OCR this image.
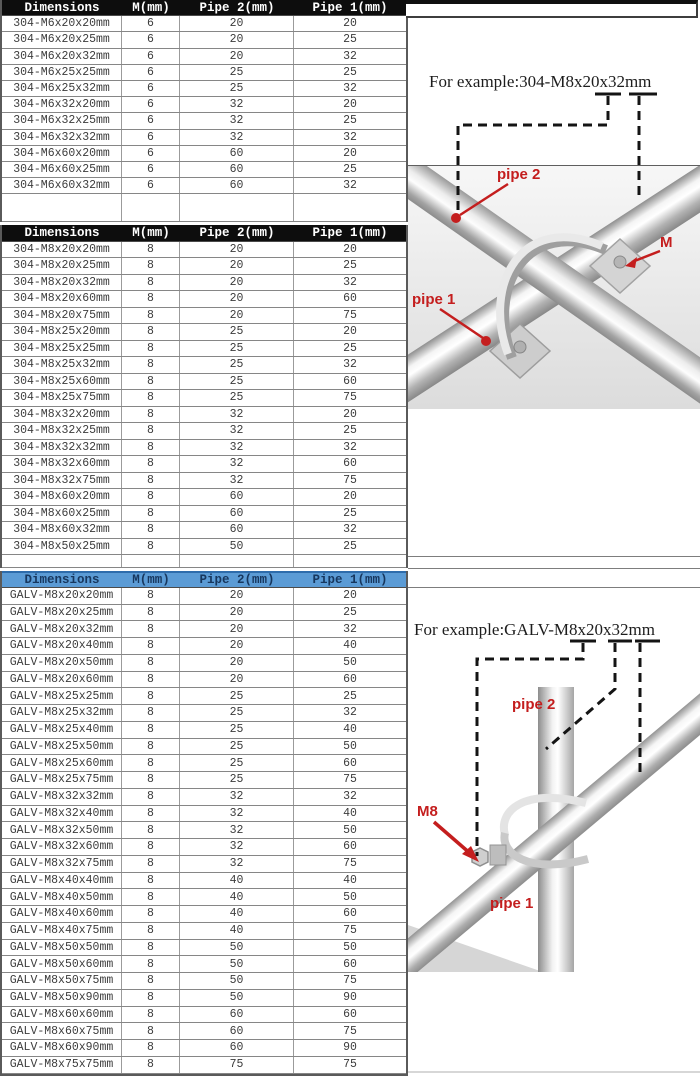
Dimensions	M(mm)	Pipe 2(mm)	Pipe 1(mm)
304-M6x20x20mm	6	20	20
304-M6x20x25mm	6	20	25
304-M6x20x32mm	6	20	32
304-M6x25x25mm	6	25	25
304-M6x25x32mm	6	25	32
304-M6x32x20mm	6	32	20
304-M6x32x25mm	6	32	25
304-M6x32x32mm	6	32	32
304-M6x60x20mm	6	60	20
304-M6x60x25mm	6	60	25
304-M6x60x32mm	6	60	32
Dimensions	M(mm)	Pipe 2(mm)	Pipe 1(mm)
304-M8x20x20mm	8	20	20
304-M8x20x25mm	8	20	25
304-M8x20x32mm	8	20	32
304-M8x20x60mm	8	20	60
304-M8x20x75mm	8	20	75
304-M8x25x20mm	8	25	20
304-M8x25x25mm	8	25	25
304-M8x25x32mm	8	25	32
304-M8x25x60mm	8	25	60
304-M8x25x75mm	8	25	75
304-M8x32x20mm	8	32	20
304-M8x32x25mm	8	32	25
304-M8x32x32mm	8	32	32
304-M8x32x60mm	8	32	60
304-M8x32x75mm	8	32	75
304-M8x60x20mm	8	60	20
304-M8x60x25mm	8	60	25
304-M8x60x32mm	8	60	32
304-M8x50x25mm	8	50	25
Dimensions	M(mm)	Pipe 2(mm)	Pipe 1(mm)
GALV-M8x20x20mm	8	20	20
GALV-M8x20x25mm	8	20	25
GALV-M8x20x32mm	8	20	32
GALV-M8x20x40mm	8	20	40
GALV-M8x20x50mm	8	20	50
GALV-M8x20x60mm	8	20	60
GALV-M8x25x25mm	8	25	25
GALV-M8x25x32mm	8	25	32
GALV-M8x25x40mm	8	25	40
GALV-M8x25x50mm	8	25	50
GALV-M8x25x60mm	8	25	60
GALV-M8x25x75mm	8	25	75
GALV-M8x32x32mm	8	32	32
GALV-M8x32x40mm	8	32	40
GALV-M8x32x50mm	8	32	50
GALV-M8x32x60mm	8	32	60
GALV-M8x32x75mm	8	32	75
GALV-M8x40x40mm	8	40	40
GALV-M8x40x50mm	8	40	50
GALV-M8x40x60mm	8	40	60
GALV-M8x40x75mm	8	40	75
GALV-M8x50x50mm	8	50	50
GALV-M8x50x60mm	8	50	60
GALV-M8x50x75mm	8	50	75
GALV-M8x50x90mm	8	50	90
GALV-M8x60x60mm	8	60	60
GALV-M8x60x75mm	8	60	75
GALV-M8x60x90mm	8	60	90
GALV-M8x75x75mm	8	75	75
For example:304-M8x20x32mm
For example:GALV-M8x20x32mm
pipe 2
M
pipe 1
pipe 2
M8
pipe 1
